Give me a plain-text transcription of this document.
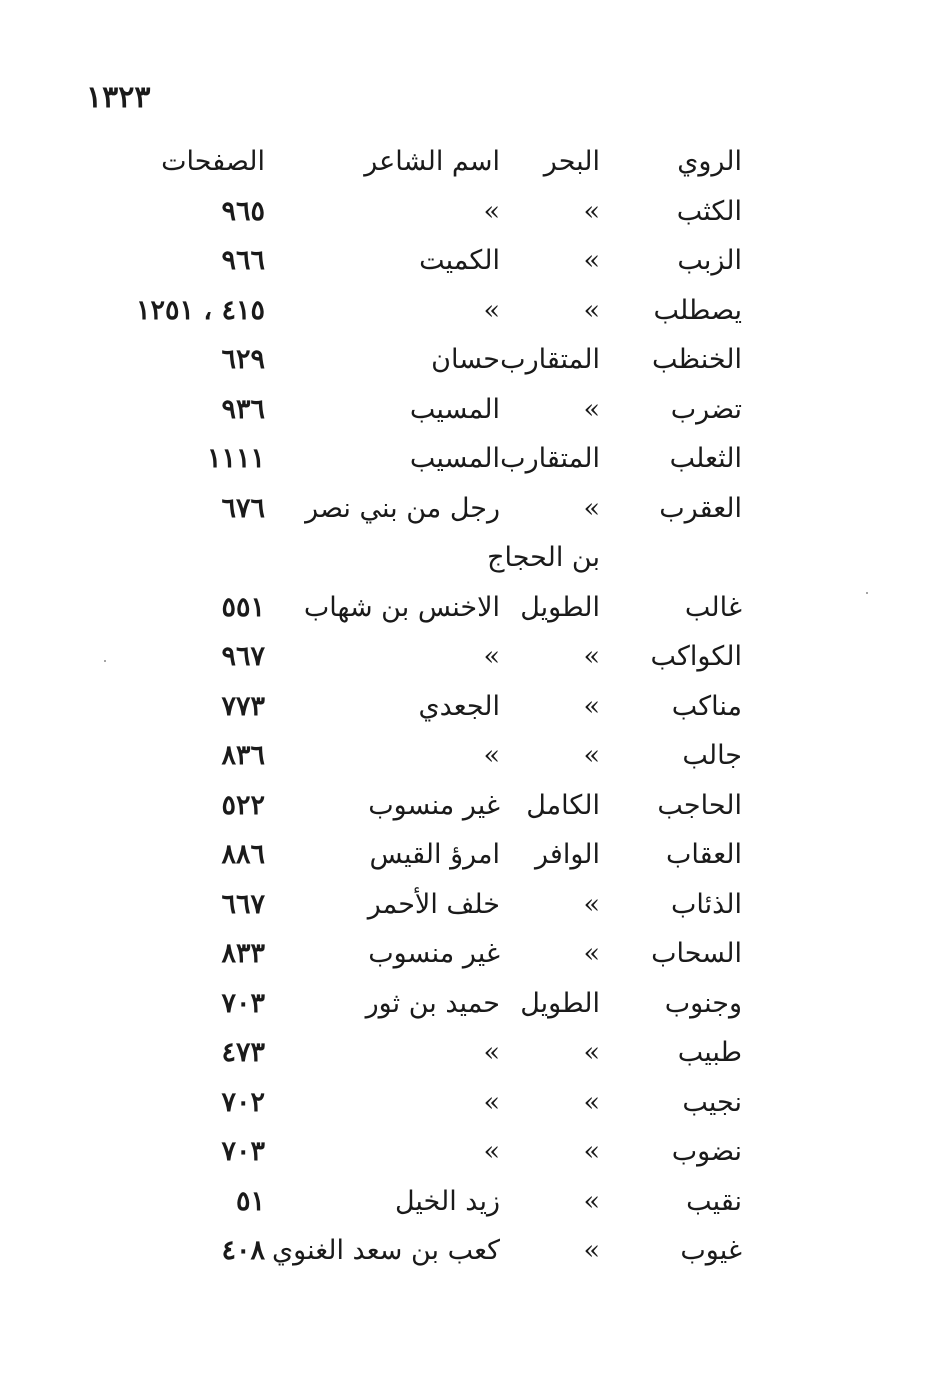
١٣٢٣
الروي
البحر
اسم الشاعر
الصفحات
الكثب
»
»
٩٦٥
الزبب
»
الكميت
٩٦٦
يصطلب
»
»
٤١٥ ، ١٢٥١
الخنظب
المتقارب
حسان
٦٢٩
تضرب
»
المسيب
٩٣٦
الثعلب
المتقارب
المسيب
١١١١
العقرب
»
رجل من بني نصر
٦٧٦
بن الحجاج
غالب
الطويل
الاخنس بن شهاب
٥٥١
الكواكب
»
»
٩٦٧
مناكب
»
الجعدي
٧٧٣
جالب
»
»
٨٣٦
الحاجب
الكامل
غير منسوب
٥٢٢
العقاب
الوافر
امرؤ القيس
٨٨٦
الذئاب
»
خلف الأحمر
٦٦٧
السحاب
»
غير منسوب
٨٣٣
وجنوب
الطويل
حميد بن ثور
٧٠٣
طبيب
»
»
٤٧٣
نجيب
»
»
٧٠٢
نضوب
»
»
٧٠٣
نقيب
»
زيد الخيل
٥١
غيوب
»
كعب بن سعد الغنوي
٤٠٨
